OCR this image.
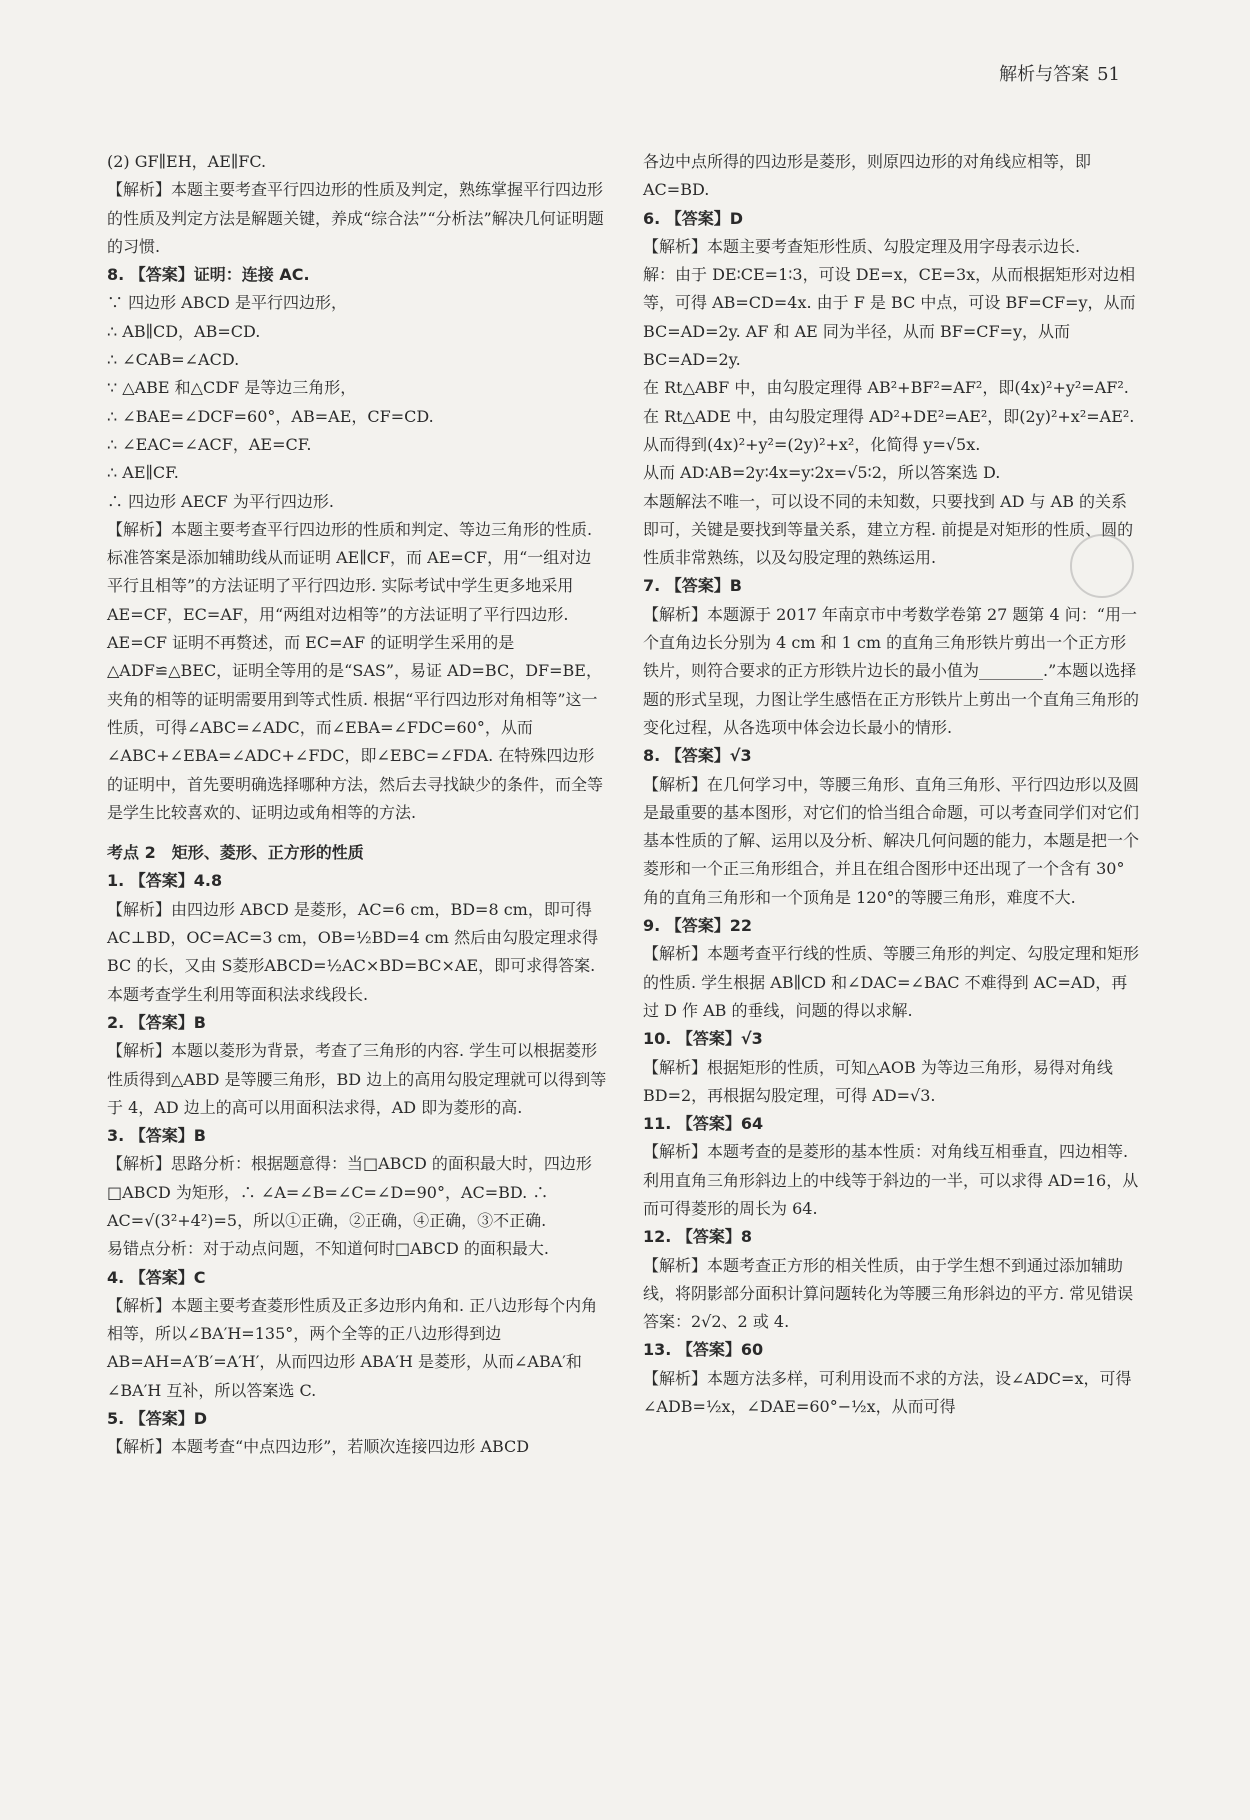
解析与答案 51

(2) GF∥EH，AE∥FC.

【解析】本题主要考查平行四边形的性质及判定，熟练掌握平行四边形的性质及判定方法是解题关键，养成“综合法”“分析法”解决几何证明题的习惯.

8. 【答案】证明：连接 AC.

∵ 四边形 ABCD 是平行四边形，

∴ AB∥CD，AB=CD.

∴ ∠CAB=∠ACD.

∵ △ABE 和△CDF 是等边三角形，

∴ ∠BAE=∠DCF=60°，AB=AE，CF=CD.

∴ ∠EAC=∠ACF，AE=CF.

∴ AE∥CF.

∴ 四边形 AECF 为平行四边形.

【解析】本题主要考查平行四边形的性质和判定、等边三角形的性质. 标准答案是添加辅助线从而证明 AE∥CF，而 AE=CF，用“一组对边平行且相等”的方法证明了平行四边形. 实际考试中学生更多地采用 AE=CF，EC=AF，用“两组对边相等”的方法证明了平行四边形. AE=CF 证明不再赘述，而 EC=AF 的证明学生采用的是△ADF≌△BEC，证明全等用的是“SAS”，易证 AD=BC，DF=BE，夹角的相等的证明需要用到等式性质. 根据“平行四边形对角相等”这一性质，可得∠ABC=∠ADC，而∠EBA=∠FDC=60°，从而∠ABC+∠EBA=∠ADC+∠FDC，即∠EBC=∠FDA. 在特殊四边形的证明中，首先要明确选择哪种方法，然后去寻找缺少的条件，而全等是学生比较喜欢的、证明边或角相等的方法.

考点 2　矩形、菱形、正方形的性质

1. 【答案】4.8

【解析】由四边形 ABCD 是菱形，AC=6 cm，BD=8 cm，即可得 AC⊥BD，OC=AC=3 cm，OB=½BD=4 cm 然后由勾股定理求得 BC 的长，又由 S菱形ABCD=½AC×BD=BC×AE，即可求得答案. 本题考查学生利用等面积法求线段长.

2. 【答案】B

【解析】本题以菱形为背景，考查了三角形的内容. 学生可以根据菱形性质得到△ABD 是等腰三角形，BD 边上的高用勾股定理就可以得到等于 4，AD 边上的高可以用面积法求得，AD 即为菱形的高.

3. 【答案】B

【解析】思路分析：根据题意得：当□ABCD 的面积最大时，四边形□ABCD 为矩形，∴ ∠A=∠B=∠C=∠D=90°，AC=BD. ∴ AC=√(3²+4²)=5，所以①正确，②正确，④正确，③不正确.

易错点分析：对于动点问题，不知道何时□ABCD 的面积最大.

4. 【答案】C

【解析】本题主要考查菱形性质及正多边形内角和. 正八边形每个内角相等，所以∠BA′H=135°，两个全等的正八边形得到边 AB=AH=A′B′=A′H′，从而四边形 ABA′H 是菱形，从而∠ABA′和∠BA′H 互补，所以答案选 C.

5. 【答案】D

【解析】本题考查“中点四边形”，若顺次连接四边形 ABCD

各边中点所得的四边形是菱形，则原四边形的对角线应相等，即 AC=BD.

6. 【答案】D

【解析】本题主要考查矩形性质、勾股定理及用字母表示边长.

解：由于 DE∶CE=1∶3，可设 DE=x，CE=3x，从而根据矩形对边相等，可得 AB=CD=4x. 由于 F 是 BC 中点，可设 BF=CF=y，从而 BC=AD=2y. AF 和 AE 同为半径，从而 BF=CF=y，从而 BC=AD=2y.

在 Rt△ABF 中，由勾股定理得 AB²+BF²=AF²，即(4x)²+y²=AF².

在 Rt△ADE 中，由勾股定理得 AD²+DE²=AE²，即(2y)²+x²=AE².

从而得到(4x)²+y²=(2y)²+x²，化简得 y=√5x.

从而 AD∶AB=2y∶4x=y∶2x=√5∶2，所以答案选 D.

本题解法不唯一，可以设不同的未知数，只要找到 AD 与 AB 的关系即可，关键是要找到等量关系，建立方程. 前提是对矩形的性质、圆的性质非常熟练，以及勾股定理的熟练运用.

7. 【答案】B

【解析】本题源于 2017 年南京市中考数学卷第 27 题第 4 问：“用一个直角边长分别为 4 cm 和 1 cm 的直角三角形铁片剪出一个正方形铁片，则符合要求的正方形铁片边长的最小值为________.”本题以选择题的形式呈现，力图让学生感悟在正方形铁片上剪出一个直角三角形的变化过程，从各选项中体会边长最小的情形.

8. 【答案】√3

【解析】在几何学习中，等腰三角形、直角三角形、平行四边形以及圆是最重要的基本图形，对它们的恰当组合命题，可以考查同学们对它们基本性质的了解、运用以及分析、解决几何问题的能力，本题是把一个菱形和一个正三角形组合，并且在组合图形中还出现了一个含有 30°角的直角三角形和一个顶角是 120°的等腰三角形，难度不大.

9. 【答案】22

【解析】本题考查平行线的性质、等腰三角形的判定、勾股定理和矩形的性质. 学生根据 AB∥CD 和∠DAC=∠BAC 不难得到 AC=AD，再过 D 作 AB 的垂线，问题的得以求解.

10. 【答案】√3

【解析】根据矩形的性质，可知△AOB 为等边三角形，易得对角线 BD=2，再根据勾股定理，可得 AD=√3.

11. 【答案】64

【解析】本题考查的是菱形的基本性质：对角线互相垂直，四边相等. 利用直角三角形斜边上的中线等于斜边的一半，可以求得 AD=16，从而可得菱形的周长为 64.

12. 【答案】8

【解析】本题考查正方形的相关性质，由于学生想不到通过添加辅助线，将阴影部分面积计算问题转化为等腰三角形斜边的平方. 常见错误答案：2√2、2 或 4.

13. 【答案】60

【解析】本题方法多样，可利用设而不求的方法，设∠ADC=x，可得∠ADB=½x，∠DAE=60°−½x，从而可得
